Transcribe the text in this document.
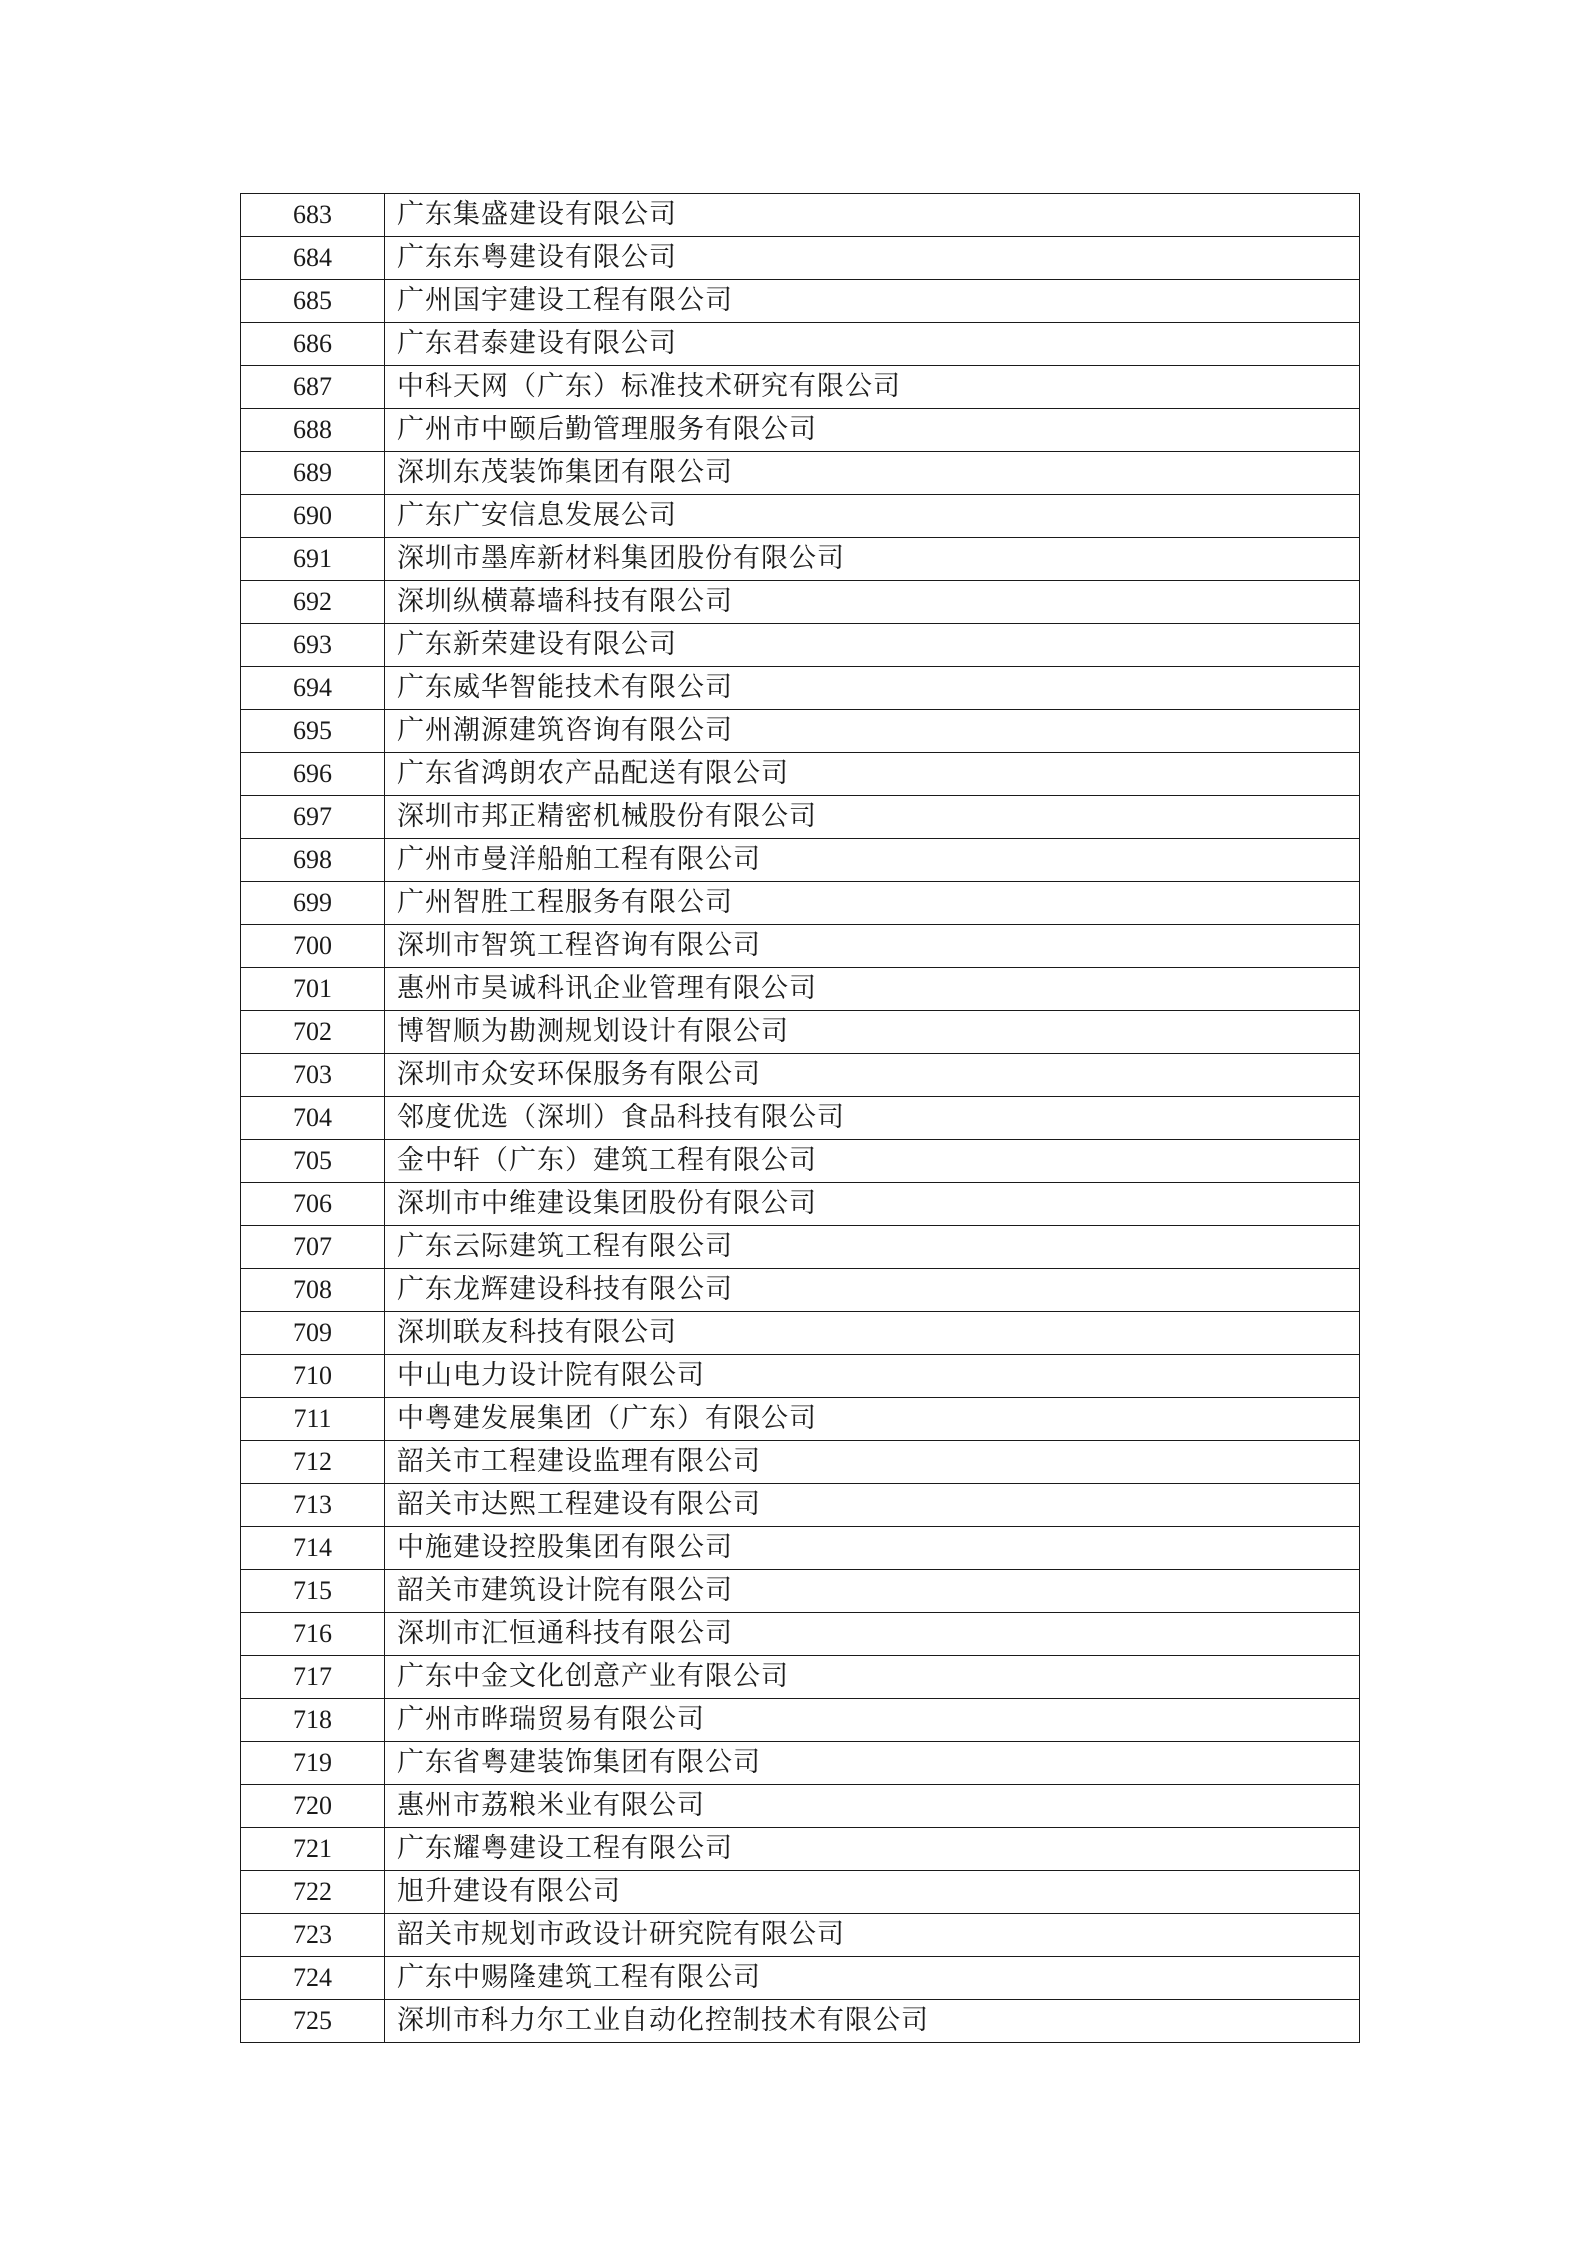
683	广东集盛建设有限公司
684	广东东粤建设有限公司
685	广州国宇建设工程有限公司
686	广东君泰建设有限公司
687	中科天网（广东）标准技术研究有限公司
688	广州市中颐后勤管理服务有限公司
689	深圳东茂装饰集团有限公司
690	广东广安信息发展公司
691	深圳市墨库新材料集团股份有限公司
692	深圳纵横幕墙科技有限公司
693	广东新荣建设有限公司
694	广东威华智能技术有限公司
695	广州潮源建筑咨询有限公司
696	广东省鸿朗农产品配送有限公司
697	深圳市邦正精密机械股份有限公司
698	广州市曼洋船舶工程有限公司
699	广州智胜工程服务有限公司
700	深圳市智筑工程咨询有限公司
701	惠州市昊诚科讯企业管理有限公司
702	博智顺为勘测规划设计有限公司
703	深圳市众安环保服务有限公司
704	邻度优选（深圳）食品科技有限公司
705	金中轩（广东）建筑工程有限公司
706	深圳市中维建设集团股份有限公司
707	广东云际建筑工程有限公司
708	广东龙辉建设科技有限公司
709	深圳联友科技有限公司
710	中山电力设计院有限公司
711	中粤建发展集团（广东）有限公司
712	韶关市工程建设监理有限公司
713	韶关市达熙工程建设有限公司
714	中施建设控股集团有限公司
715	韶关市建筑设计院有限公司
716	深圳市汇恒通科技有限公司
717	广东中金文化创意产业有限公司
718	广州市晔瑞贸易有限公司
719	广东省粤建装饰集团有限公司
720	惠州市荔粮米业有限公司
721	广东耀粤建设工程有限公司
722	旭升建设有限公司
723	韶关市规划市政设计研究院有限公司
724	广东中赐隆建筑工程有限公司
725	深圳市科力尔工业自动化控制技术有限公司
